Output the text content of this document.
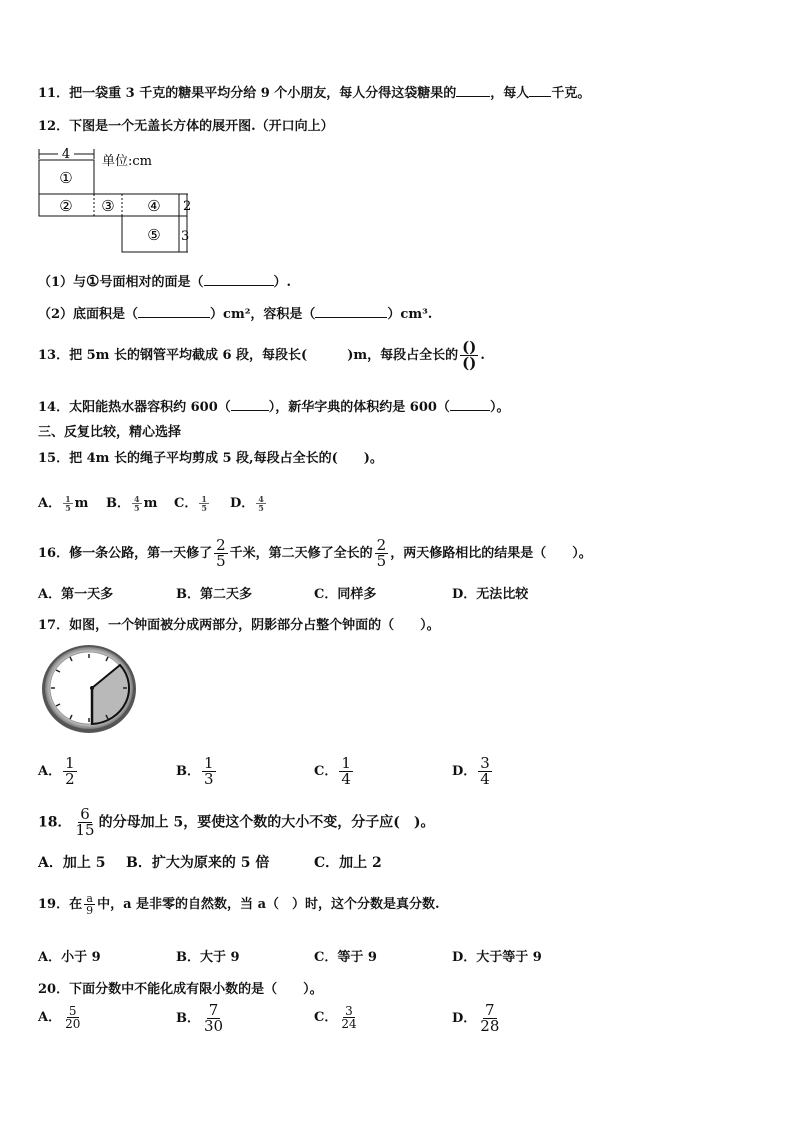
11．把一袋重 3 千克的糖果平均分给 9 个小朋友，每人分得这袋糖果的	，每人 千克。
12．下图是一个无盖长方体的展开图.（开口向上）
4 单位:cm
①
② ③ ④
⑤
2
3
（1）与①号面相对的面是（	）.
（2）底面积是（	）cm²，容积是（	）cm³.
13．把 5m 长的钢管平均截成 6 段，每段长(	)m，每段占全长的 $\frac{()}{()}$ .
14．太阳能热水器容积约 600（	），新华字典的体积约是 600（	）。
三、反复比较，精心选择
15．把 4m 长的绳子平均剪成 5 段,每段占全长的(　　)。
A． $\frac{1}{5}$ m B． $\frac{4}{5}$ m C． $\frac{1}{5}$ D． $\frac{4}{5}$
16．修一条公路，第一天修了 $\frac{2}{5}$ 千米，第二天修了全长的 $\frac{2}{5}$ ，两天修路相比的结果是（　　）。
A．第一天多	B．第二天多	C．同样多	D．无法比较
17．如图，一个钟面被分成两部分，阴影部分占整个钟面的（　　）。
A． $\frac{1}{2}$	B． $\frac{1}{3}$	C． $\frac{1}{4}$	D． $\frac{3}{4}$
18． $\frac{6}{15}$ 的分母加上 5，要使这个数的大小不变，分子应(　)。
A．加上 5 B．扩大为原来的 5 倍	C．加上 2
19．在 $\frac{a}{9}$ 中，a 是非零的自然数，当 a（　）时，这个分数是真分数.
A．小于 9	B．大于 9	C．等于 9	D．大于等于 9
20．下面分数中不能化成有限小数的是（　　）。
A． $\frac{5}{20}$	B． $\frac{7}{30}$	C． $\frac{3}{24}$	D． $\frac{7}{28}$
